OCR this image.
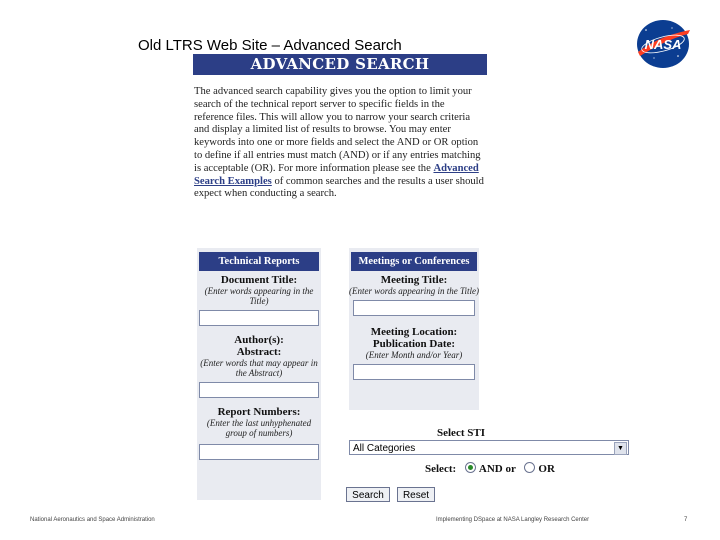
Old LTRS Web Site – Advanced Search	NASA
ADVANCED SEARCH
The advanced search capability gives you the option to limit your search of the technical report server to specific fields in the reference files. This will allow you to narrow your search criteria and display a limited list of results to browse. You may enter keywords into one or more fields and select the AND or OR option to define if all entries must match (AND) or if any entries matching is acceptable (OR). For more information please see the Advanced Search Examples of common searches and the results a user should expect when conducting a search.
Technical Reports
Document Title:
(Enter words appearing in the Title)
Author(s):
Abstract:
(Enter words that may appear in the Abstract)
Report Numbers:
(Enter the last unhyphenated group of numbers)
Meetings or Conferences
Meeting Title:
(Enter words appearing in the Title)
Meeting Location:
Publication Date:
(Enter Month and/or Year)
Select STI
All Categories	▼
Select: AND or OR
Search	Reset
National Aeronautics and Space Administration	Implementing DSpace at NASA Langley Research Center	7
